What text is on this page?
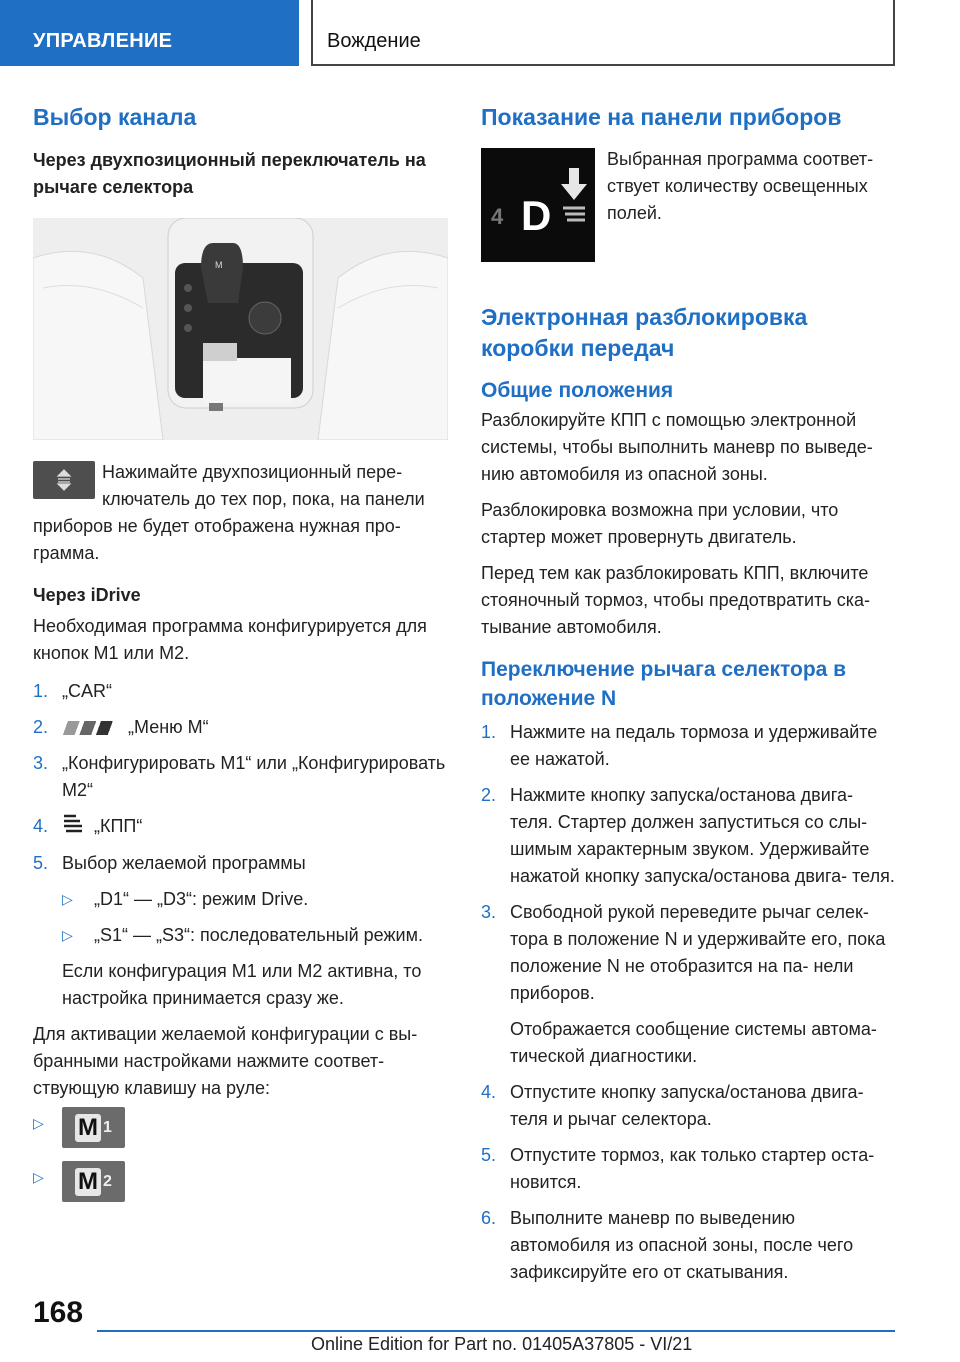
УПРАВЛЕНИЕ	Вождение
Выбор канала
Через двухпозиционный переключатель на рычаге селектора
M
Нажимайте двухпозиционный пере-
ключатель до тех пор, пока, на панели
приборов не будет отображена нужная про- грамма.
Через iDrive
Необходимая программа конфигурируется для кнопок M1 или M2.
1. „CAR“
2.	„Меню M“
3. „Конфигурировать M1“ или „Конфигурировать M2“
4.	„КПП“
5. Выбор желаемой программы
▷ „D1“ — „D3“: режим Drive.
▷ „S1“ — „S3“: последовательный режим.
Если конфигурация M1 или M2 активна, то настройка принимается сразу же.
Для активации желаемой конфигурации с вы- бранными настройками нажмите соответ- ствующую клавишу на руле:
▷ M 1
▷ M 2
Показание на панели приборов
4 D
Выбранная программа соответ- ствует количеству освещенных полей.
Электронная разблокировка коробки передач
Общие положения
Разблокируйте КПП с помощью электронной системы, чтобы выполнить маневр по выведе- нию автомобиля из опасной зоны.
Разблокировка возможна при условии, что стартер может провернуть двигатель.
Перед тем как разблокировать КПП, включите стояночный тормоз, чтобы предотвратить ска- тывание автомобиля.
Переключение рычага селектора в положение N
1. Нажмите на педаль тормоза и удерживайте ее нажатой.
2. Нажмите кнопку запуска/останова двига- теля. Стартер должен запуститься со слы- шимым характерным звуком. Удерживайте нажатой кнопку запуска/останова двига- теля.
3. Свободной рукой переведите рычаг селек- тора в положение N и удерживайте его, пока положение N не отобразится на па- нели приборов.
Отображается сообщение системы автома- тической диагностики.
4. Отпустите кнопку запуска/останова двига- теля и рычаг селектора.
5. Отпустите тормоз, как только стартер оста- новится.
6. Выполните маневр по выведению автомобиля из опасной зоны, после чего зафиксируйте его от скатывания.
168
Online Edition for Part no. 01405A37805 - VI/21
